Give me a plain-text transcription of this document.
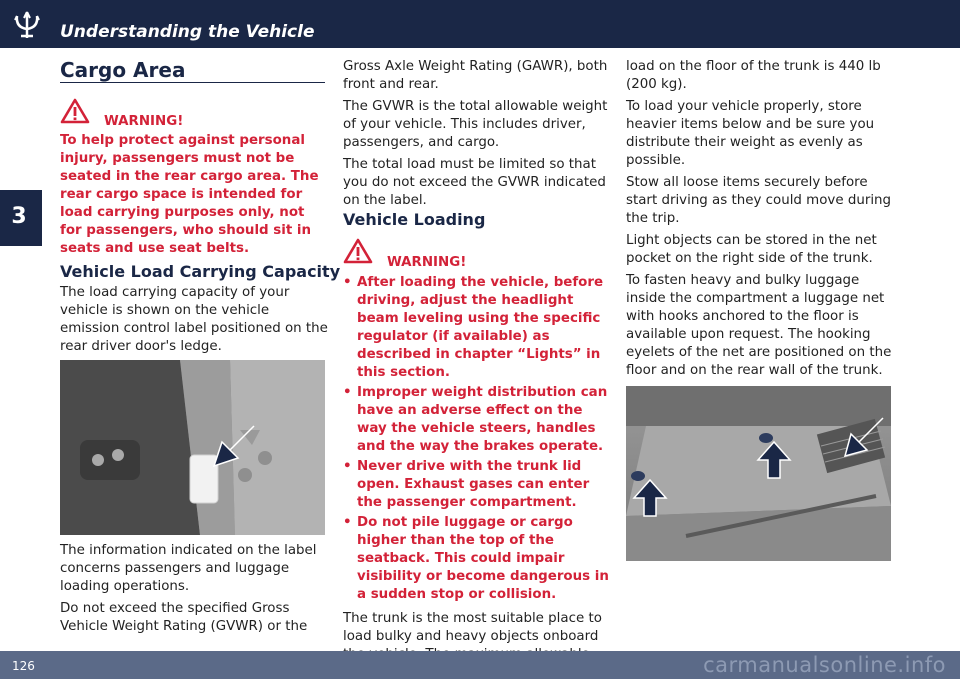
Understanding the Vehicle
3
Cargo Area
WARNING!

To help protect against personal injury, passengers must not be seated in the rear cargo area. The rear cargo space is intended for load carrying purposes only, not for passengers, who should sit in seats and use seat belts.

Vehicle Load Carrying Capacity

The load carrying capacity of your vehicle is shown on the vehicle emission control label positioned on the rear driver door's ledge.

The information indicated on the label concerns passengers and luggage loading operations.

Do not exceed the specified Gross Vehicle Weight Rating (GVWR) or the

Gross Axle Weight Rating (GAWR), both front and rear.

The GVWR is the total allowable weight of your vehicle. This includes driver, passengers, and cargo.

The total load must be limited so that you do not exceed the GVWR indicated on the label.

Vehicle Loading
WARNING!
• After loading the vehicle, before driving, adjust the headlight beam leveling using the specific regulator (if available) as described in chapter “Lights” in this section.
• Improper weight distribution can have an adverse effect on the way the vehicle steers, handles and the way the brakes operate.
• Never drive with the trunk lid open. Exhaust gases can enter the passenger compartment.
• Do not pile luggage or cargo higher than the top of the seatback. This could impair visibility or become dangerous in a sudden stop or collision.

The trunk is the most suitable place to load bulky and heavy objects onboard

load on the floor of the trunk is 440 lb (200 kg).

To load your vehicle properly, store heavier items below and be sure you distribute their weight as evenly as possible.

Stow all loose items securely before start driving as they could move during the trip.

Light objects can be stored in the net pocket on the right side of the trunk.

To fasten heavy and bulky luggage inside the compartment a luggage net with hooks anchored to the floor is available upon request. The hooking eyelets of the net are positioned on the floor and on the rear wall of the trunk.

126	carmanualsonline.info
